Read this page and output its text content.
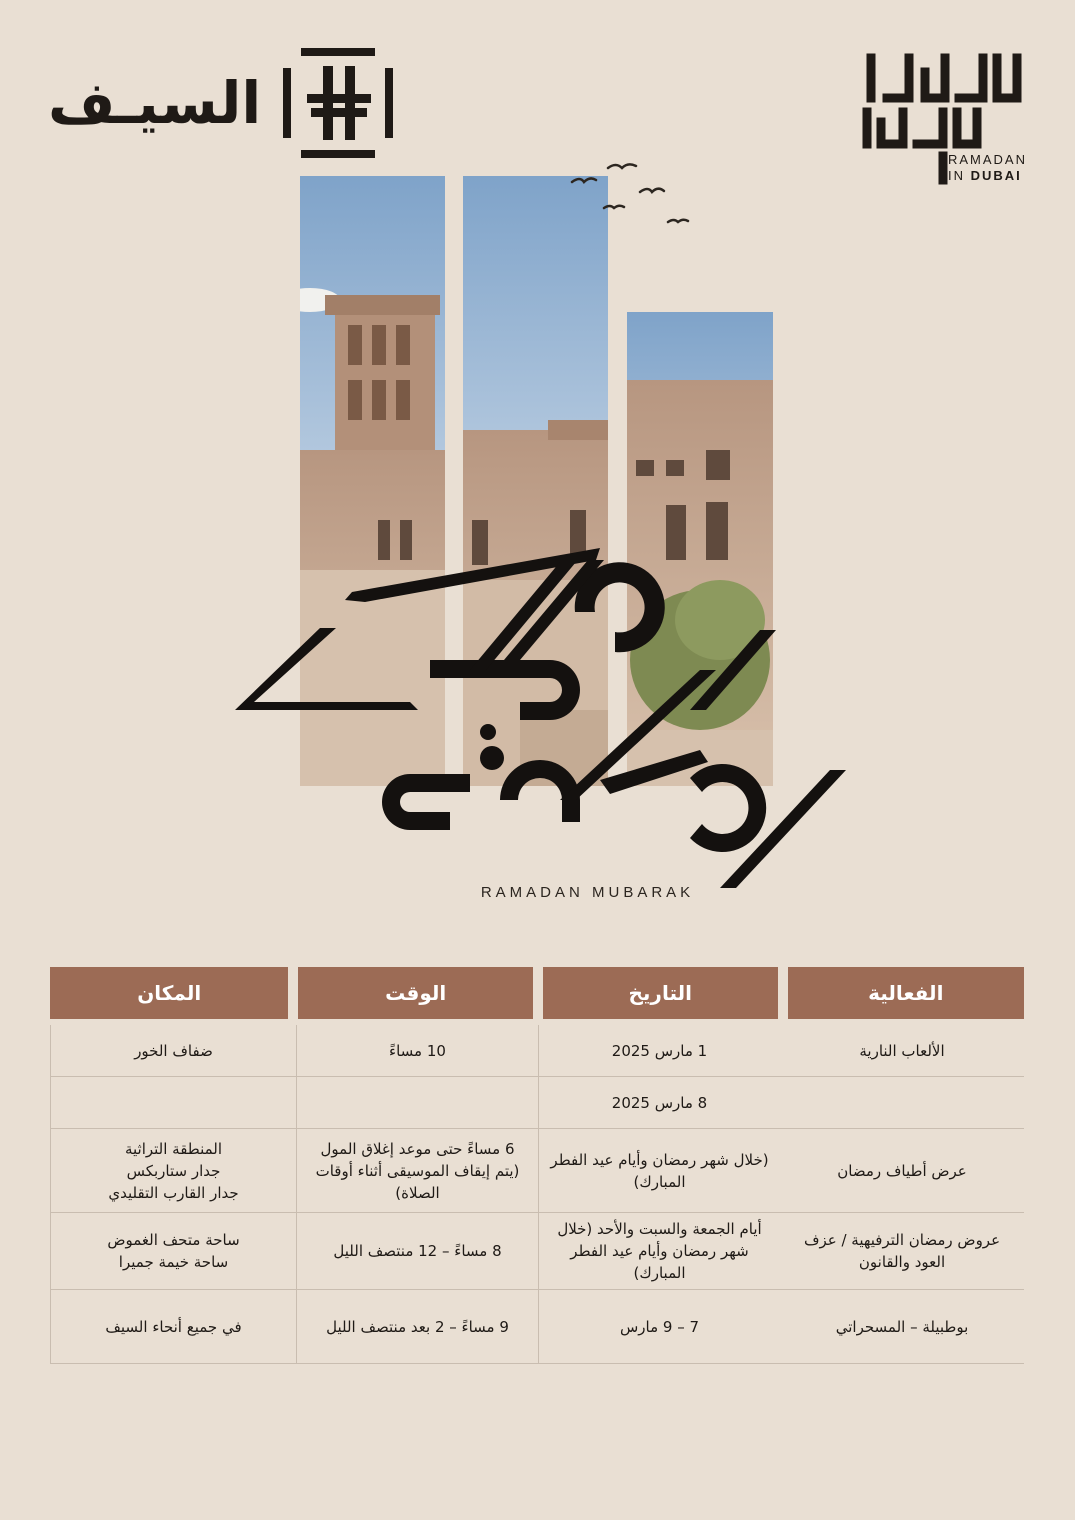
السيـف
RAMADAN
IN DUBAI
RAMADAN MUBARAK
الفعالية
التاريخ
الوقت
المكان
الألعاب النارية
1 مارس 2025
10 مساءً
ضفاف الخور
8 مارس 2025
عرض أطياف رمضان
(خلال شهر رمضان وأيام عيد الفطر المبارك)
6 مساءً حتى موعد إغلاق المول (يتم إيقاف الموسيقى أثناء أوقات الصلاة)
المنطقة التراثية
جدار ستاربكس
جدار القارب التقليدي
عروض رمضان الترفيهية / عزف العود والقانون
أيام الجمعة والسبت والأحد (خلال شهر رمضان وأيام عيد الفطر المبارك)
8 مساءً – 12 منتصف الليل
ساحة متحف الغموض
ساحة خيمة جميرا
بوطبيلة – المسحراتي
7 – 9 مارس
9 مساءً – 2 بعد منتصف الليل
في جميع أنحاء السيف
